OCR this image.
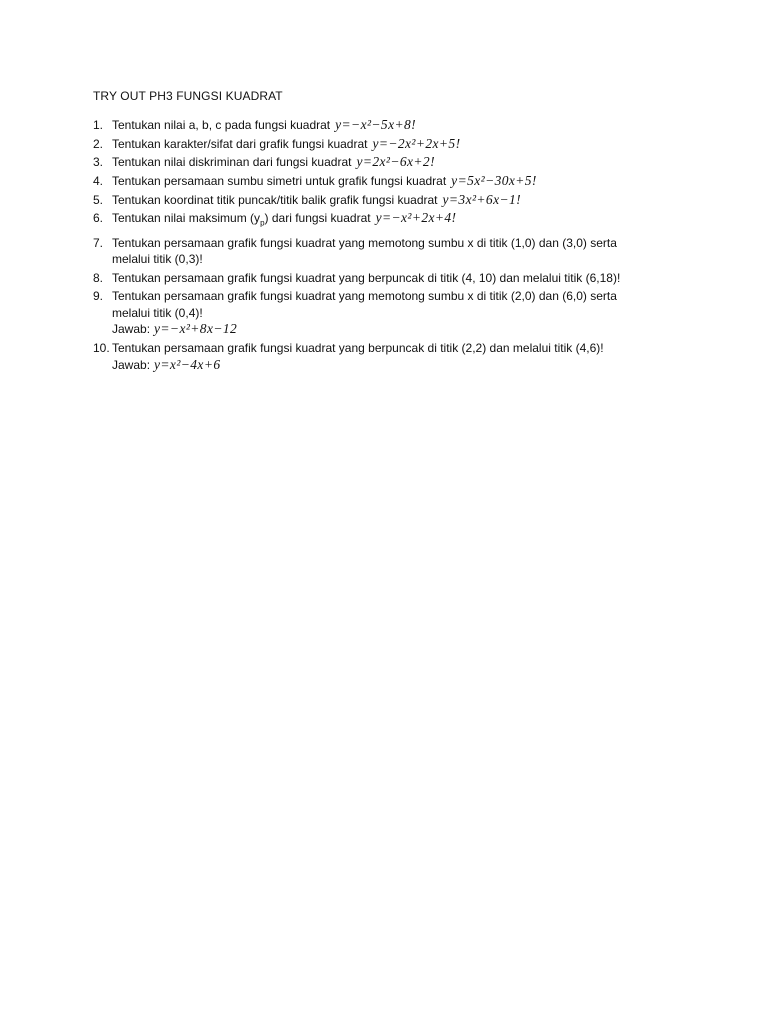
TRY OUT PH3 FUNGSI KUADRAT
1. Tentukan nilai a, b, c pada fungsi kuadrat y=−x²−5x+8!
2. Tentukan karakter/sifat dari grafik fungsi kuadrat y=−2x²+2x+5!
3. Tentukan nilai diskriminan dari fungsi kuadrat y=2x²−6x+2!
4. Tentukan persamaan sumbu simetri untuk grafik fungsi kuadrat y=5x²−30x+5!
5. Tentukan koordinat titik puncak/titik balik grafik fungsi kuadrat y=3x²+6x−1!
6. Tentukan nilai maksimum $(y_p)$ dari fungsi kuadrat y=−x²+2x+4!
7. Tentukan persamaan grafik fungsi kuadrat yang memotong sumbu x di titik (1,0) dan (3,0) serta
melalui titik (0,3)!
8. Tentukan persamaan grafik fungsi kuadrat yang berpuncak di titik (4, 10) dan melalui titik (6,18)!
9. Tentukan persamaan grafik fungsi kuadrat yang memotong sumbu x di titik (2,0) dan (6,0) serta
melalui titik (0,4)!
Jawab: y=−x²+8x−12
10. Tentukan persamaan grafik fungsi kuadrat yang berpuncak di titik (2,2) dan melalui titik (4,6)!
Jawab: y=x²−4x+6
